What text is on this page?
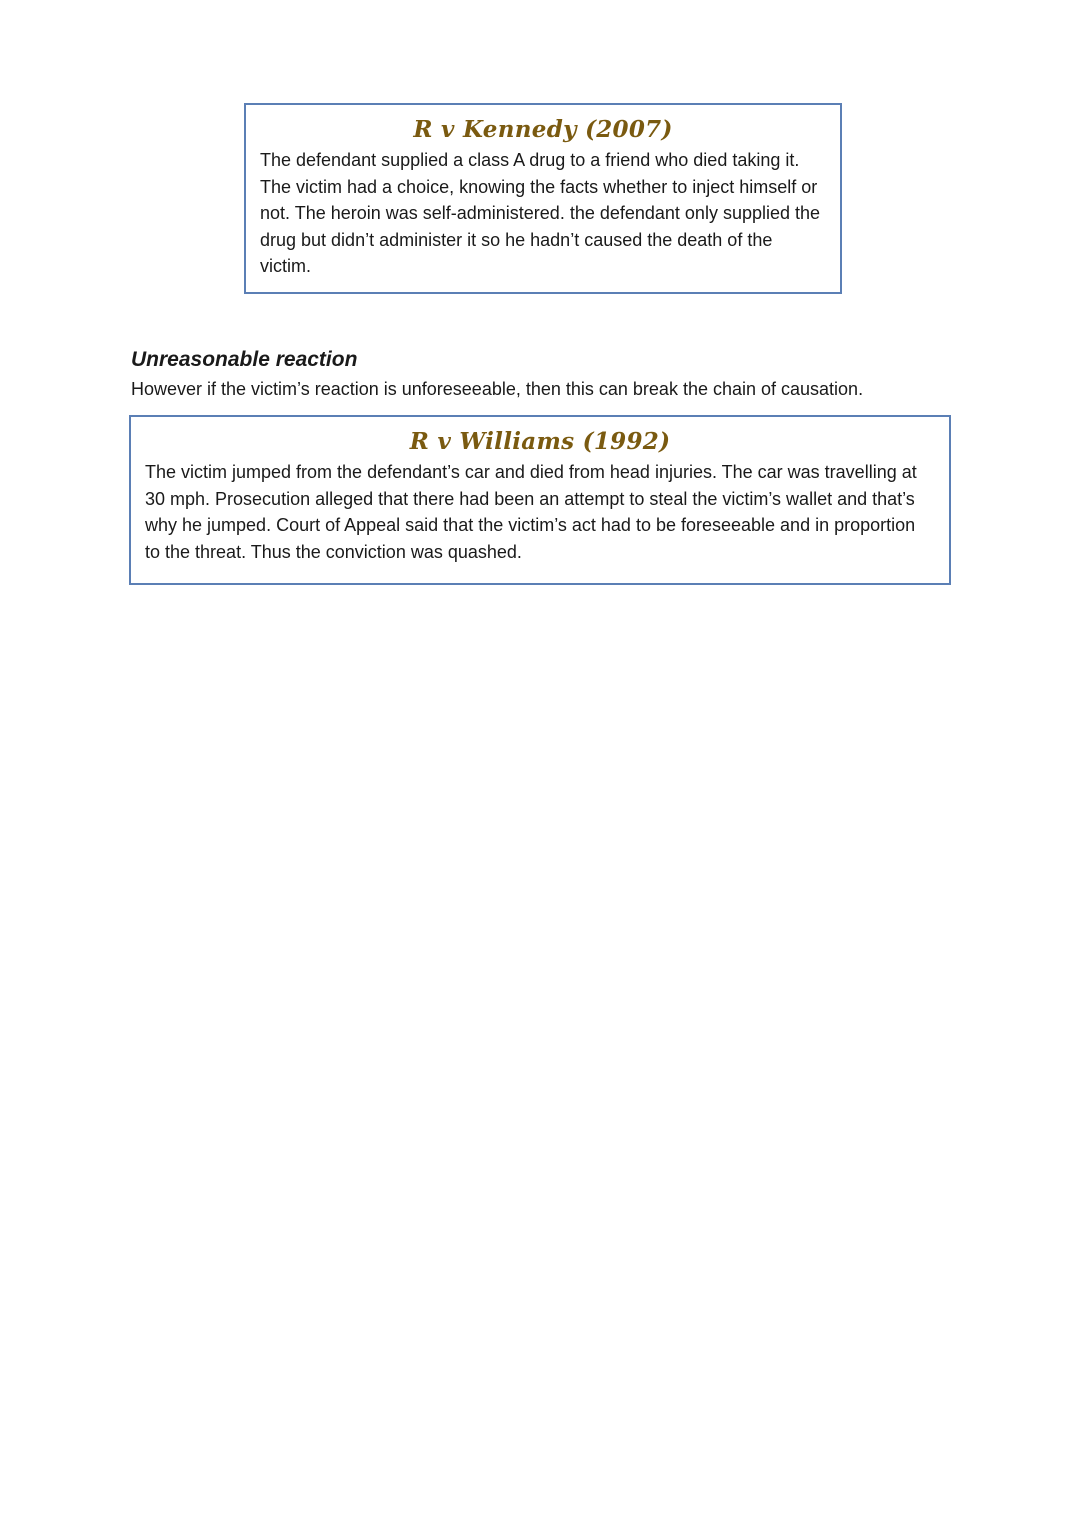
R v Kennedy (2007)

The defendant supplied a class A drug to a friend who died taking it. The victim had a choice, knowing the facts whether to inject himself or not. The heroin was self-administered. the defendant only supplied the drug but didn’t administer it so he hadn’t caused the death of the victim.

Unreasonable reaction

However if the victim’s reaction is unforeseeable, then this can break the chain of causation.

R v Williams (1992)

The victim jumped from the defendant’s car and died from head injuries. The car was travelling at 30 mph. Prosecution alleged that there had been an attempt to steal the victim’s wallet and that’s why he jumped. Court of Appeal said that the victim’s act had to be foreseeable and in proportion to the threat. Thus the conviction was quashed.
